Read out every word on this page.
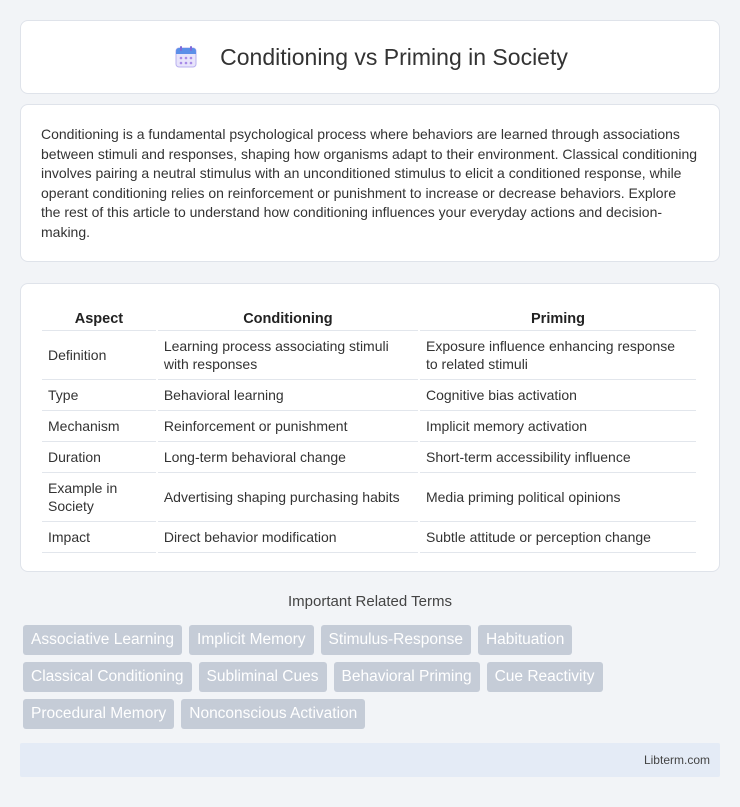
Conditioning vs Priming in Society

Conditioning is a fundamental psychological process where behaviors are learned through associations between stimuli and responses, shaping how organisms adapt to their environment. Classical conditioning involves pairing a neutral stimulus with an unconditioned stimulus to elicit a conditioned response, while operant conditioning relies on reinforcement or punishment to increase or decrease behaviors. Explore the rest of this article to understand how conditioning influences your everyday actions and decision-making.

Aspect	Conditioning	Priming
Definition	Learning process associating stimuli with responses	Exposure influence enhancing response to related stimuli
Type	Behavioral learning	Cognitive bias activation
Mechanism	Reinforcement or punishment	Implicit memory activation
Duration	Long-term behavioral change	Short-term accessibility influence
Example in Society	Advertising shaping purchasing habits	Media priming political opinions
Impact	Direct behavior modification	Subtle attitude or perception change
Important Related Terms
Associative Learning	Implicit Memory	Stimulus-Response	Habituation
Classical Conditioning	Subliminal Cues	Behavioral Priming	Cue Reactivity
Procedural Memory	Nonconscious Activation
Libterm.com
